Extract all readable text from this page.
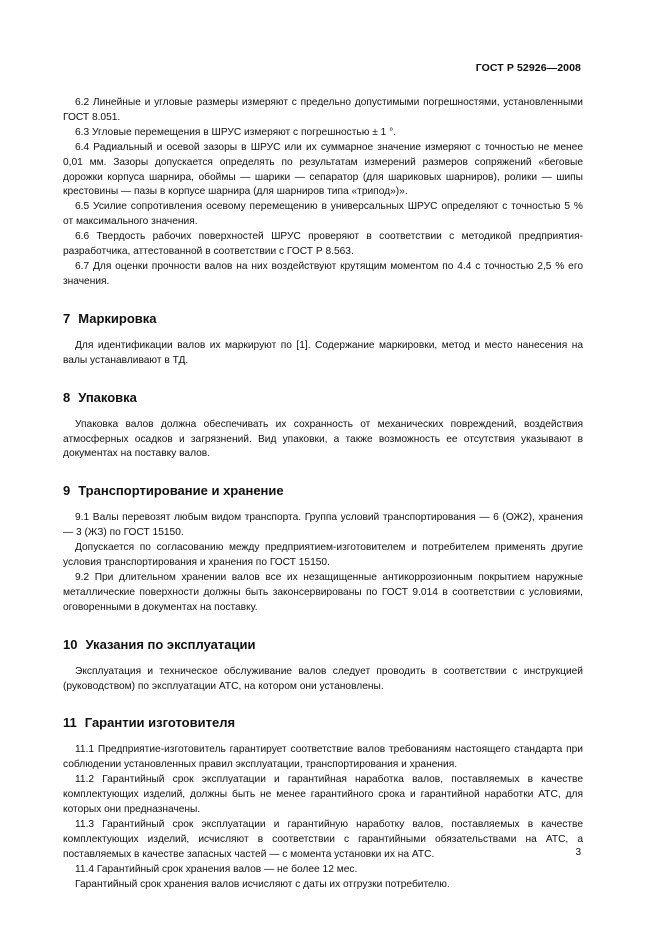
ГОСТ Р 52926—2008

6.2 Линейные и угловые размеры измеряют с предельно допустимыми погрешностями, установленными ГОСТ 8.051.

6.3 Угловые перемещения в ШРУС измеряют с погрешностью ± 1 °.

6.4 Радиальный и осевой зазоры в ШРУС или их суммарное значение измеряют с точностью не менее 0,01 мм. Зазоры допускается определять по результатам измерений размеров сопряжений «беговые дорожки корпуса шарнира, обоймы — шарики — сепаратор (для шариковых шарниров), ролики — шипы крестовины — пазы в корпусе шарнира (для шарниров типа «трипод»)».

6.5 Усилие сопротивления осевому перемещению в универсальных ШРУС определяют с точностью 5 % от максимального значения.

6.6 Твердость рабочих поверхностей ШРУС проверяют в соответствии с методикой предприятия-разработчика, аттестованной в соответствии с ГОСТ Р 8.563.

6.7 Для оценки прочности валов на них воздействуют крутящим моментом по 4.4 с точностью 2,5 % его значения.

7 Маркировка

Для идентификации валов их маркируют по [1]. Содержание маркировки, метод и место нанесения на валы устанавливают в ТД.

8 Упаковка

Упаковка валов должна обеспечивать их сохранность от механических повреждений, воздействия атмосферных осадков и загрязнений. Вид упаковки, а также возможность ее отсутствия указывают в документах на поставку валов.

9 Транспортирование и хранение

9.1 Валы перевозят любым видом транспорта. Группа условий транспортирования — 6 (ОЖ2), хранения — 3 (ЖЗ) по ГОСТ 15150.

Допускается по согласованию между предприятием-изготовителем и потребителем применять другие условия транспортирования и хранения по ГОСТ 15150.

9.2 При длительном хранении валов все их незащищенные антикоррозионным покрытием наружные металлические поверхности должны быть законсервированы по ГОСТ 9.014 в соответствии с условиями, оговоренными в документах на поставку.

10 Указания по эксплуатации

Эксплуатация и техническое обслуживание валов следует проводить в соответствии с инструкцией (руководством) по эксплуатации АТС, на котором они установлены.

11 Гарантии изготовителя

11.1 Предприятие-изготовитель гарантирует соответствие валов требованиям настоящего стандарта при соблюдении установленных правил эксплуатации, транспортирования и хранения.

11.2 Гарантийный срок эксплуатации и гарантийная наработка валов, поставляемых в качестве комплектующих изделий, должны быть не менее гарантийного срока и гарантийной наработки АТС, для которых они предназначены.

11.3 Гарантийный срок эксплуатации и гарантийную наработку валов, поставляемых в качестве комплектующих изделий, исчисляют в соответствии с гарантийными обязательствами на АТС, а поставляемых в качестве запасных частей — с момента установки их на АТС.

11.4 Гарантийный срок хранения валов — не более 12 мес.

Гарантийный срок хранения валов исчисляют с даты их отгрузки потребителю.

3
